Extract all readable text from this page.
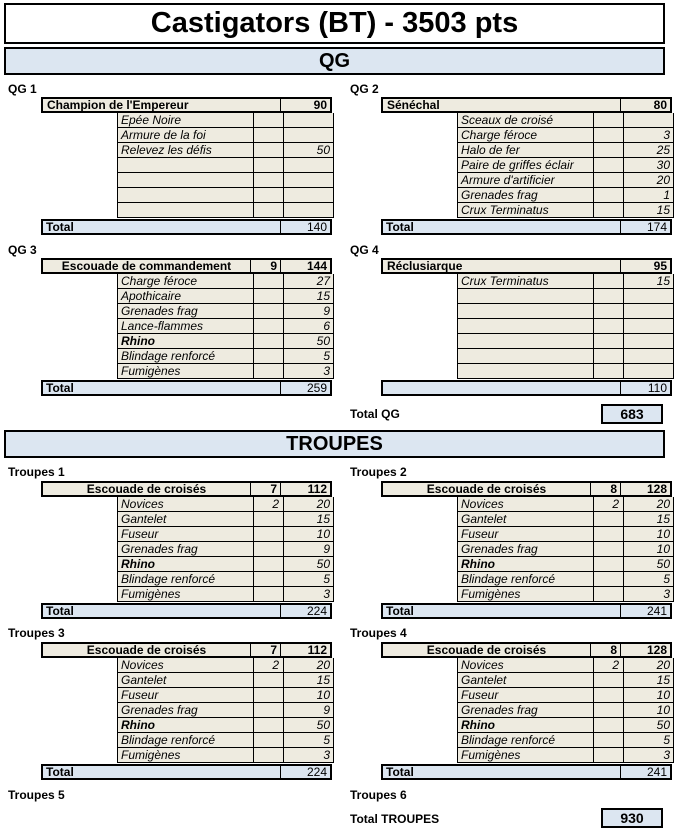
Castigators (BT) - 3503 pts
QG
QG 1
Champion de l'Empereur	90
Epée Noire
Armure de la foi
Relevez les défis	50
Total	140
QG 2
Sénéchal	80
Sceaux de croisé
Charge féroce	3
Halo de fer	25
Paire de griffes éclair	30
Armure d'artificier	20
Grenades frag	1
Crux Terminatus	15
Total	174
QG 3
Escouade de commandement	9	144
Charge féroce	27
Apothicaire	15
Grenades frag	9
Lance-flammes	6
Rhino	50
Blindage renforcé	5
Fumigènes	3
Total	259
QG 4
Réclusiarque	95
Crux Terminatus	15
110
Total QG	683
TROUPES
Troupes 1
Escouade de croisés	7	112
Novices	2	20
Gantelet	15
Fuseur	10
Grenades frag	9
Rhino	50
Blindage renforcé	5
Fumigènes	3
Total	224
Troupes 2
Escouade de croisés	8	128
Novices	2	20
Gantelet	15
Fuseur	10
Grenades frag	10
Rhino	50
Blindage renforcé	5
Fumigènes	3
Total	241
Troupes 3
Escouade de croisés	7	112
Novices	2	20
Gantelet	15
Fuseur	10
Grenades frag	9
Rhino	50
Blindage renforcé	5
Fumigènes	3
Total	224
Troupes 4
Escouade de croisés	8	128
Novices	2	20
Gantelet	15
Fuseur	10
Grenades frag	10
Rhino	50
Blindage renforcé	5
Fumigènes	3
Total	241
Troupes 5	Troupes 6
Total TROUPES	930
